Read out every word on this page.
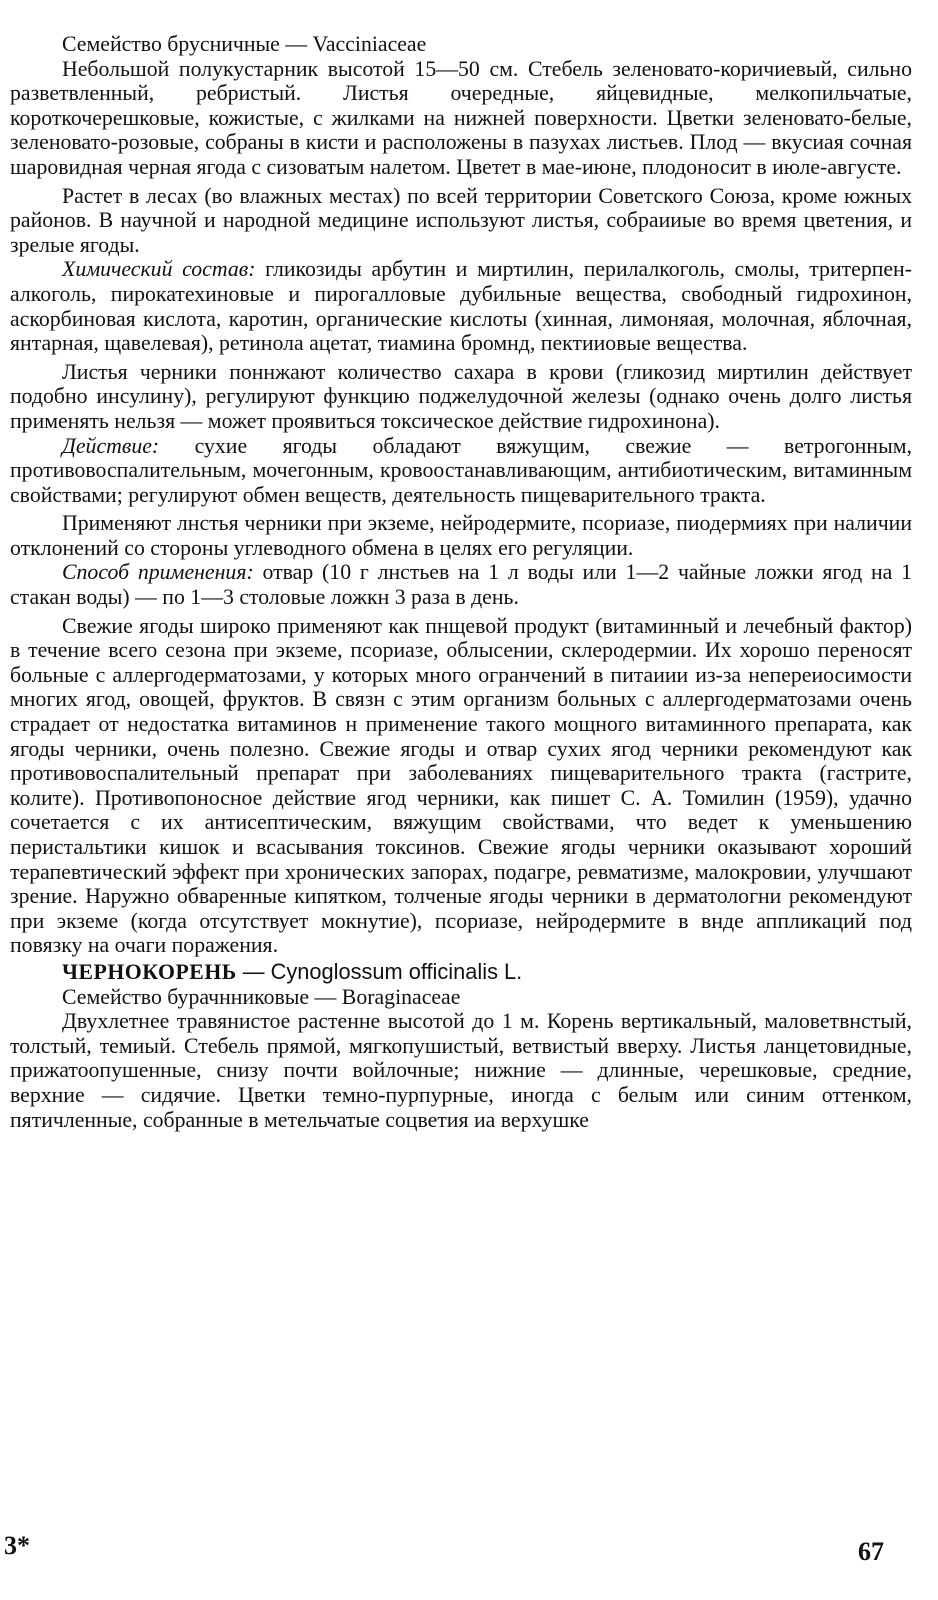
Семейство брусничные — Vacciniaceae

Небольшой полукустарник высотой 15—50 см. Стебель зеленовато-коричиевый, сильно разветвленный, ребристый. Листья очередные, яйцевидные, мелкопильчатые, короткочерешковые, кожистые, с жилками на нижней поверхности. Цветки зеленовато-белые, зеленовато-розовые, собраны в кисти и расположены в пазухах листьев. Плод — вкусиая сочная шаровидная черная ягода с сизоватым налетом. Цветет в мае-июне, плодоносит в июле-августе.

Растет в лесах (во влажных местах) по всей территории Советского Союза, кроме южных районов. В научной и народной медицине используют листья, собраииые во время цветения, и зрелые ягоды.

Химический состав: гликозиды арбутин и миртилин, перилалкоголь, смолы, тритерпен-алкоголь, пирокатехиновые и пирогалловые дубильные вещества, свободный гидрохинон, аскорбиновая кислота, каротин, органические кислоты (хинная, лимоняая, молочная, яблочная, янтарная, щавелевая), ретинола ацетат, тиамина бромнд, пектииовые вещества.

Листья черники поннжают количество сахара в крови (гликозид миртилин действует подобно инсулину), регулируют функцию поджелудочной железы (однако очень долго листья применять нельзя — может проявиться токсическое действие гидрохинона).

Действие: сухие ягоды обладают вяжущим, свежие — ветрогонным, противовоспалительным, мочегонным, кровоостанавливающим, антибиотическим, витаминным свойствами; регулируют обмен веществ, деятельность пищеварительного тракта.

Применяют лнстья черники при экземе, нейродермите, псориазе, пиодермиях при наличии отклонений со стороны углеводного обмена в целях его регуляции.

Способ применения: отвар (10 г лнстьев на 1 л воды или 1—2 чайные ложки ягод на 1 стакан воды) — по 1—3 столовые ложкн 3 раза в день.

Свежие ягоды широко применяют как пнщевой продукт (витаминный и лечебный фактор) в течение всего сезона при экземе, псориазе, облысении, склеродермии. Их хорошо переносят больные с аллергодерматозами, у которых много огранчений в питаиии из-за непереиосимости многих ягод, овощей, фруктов. В связн с этим организм больных с аллергодерматозами очень страдает от недостатка витаминов н применение такого мощного витаминного препарата, как ягоды черники, очень полезно. Свежие ягоды и отвар сухих ягод черники рекомендуют как противовоспалительный препарат при заболеваниях пищеварительного тракта (гастрите, колите). Противопоносное действие ягод черники, как пишет С. А. Томилин (1959), удачно сочетается с их антисептическим, вяжущим свойствами, что ведет к уменьшению перистальтики кишок и всасывания токсинов. Свежие ягоды черники оказывают хороший терапевтический эффект при хронических запорах, подагре, ревматизме, малокровии, улучшают зрение. Наружно обваренные кипятком, толченые ягоды черники в дерматологни рекомендуют при экземе (когда отсутствует мокнутие), псориазе, нейродермите в внде аппликаций под повязку на очаги поражения.

ЧЕРНОКОРЕНЬ — Cynoglossum officinalis L.

Семейство бурачнниковые — Boraginaceae

Двухлетнее травянистое растенне высотой до 1 м. Корень вертикальный, маловетвнстый, толстый, темиый. Стебель прямой, мягкопушистый, ветвистый вверху. Листья ланцетовидные, прижатоопушенные, снизу почти войлочные; нижние — длинные, черешковые, средние, верхние — сидячие. Цветки темно-пурпурные, иногда с белым или синим оттенком, пятичленные, собранные в метельчатые соцветия иа верхушке

3*	67
